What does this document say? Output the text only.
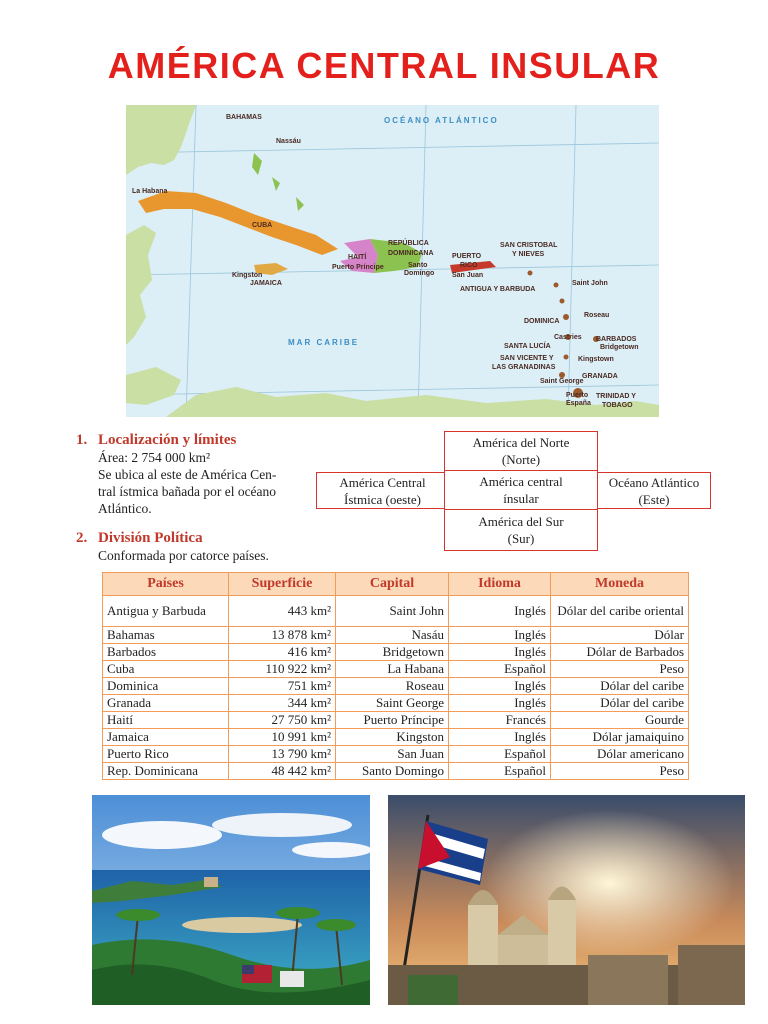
AMÉRICA CENTRAL INSULAR
BAHAMAS
Nassáu
La Habana
CUBA
HAITÍ
Puerto Príncipe
REPÚBLICA
DOMINICANA
Santo
Domingo
PUERTO
RICO
San Juan
Kingston
JAMAICA
SAN CRISTOBAL
Y NIEVES
Saint John
ANTIGUA Y BARBUDA
Roseau
DOMINICA
Castries
SANTA LUCÍA
BARBADOS
Bridgetown
SAN VICENTE Y
LAS GRANADINAS
Kingstown
GRANADA
Saint George
Puerto
España
TRINIDAD Y
TOBAGO
OCÉANO ATLÁNTICO
MAR CARIBE
1. Localización y límites
Área: 2 754 000 km²
Se ubica al este de América Cen-
tral ístmica bañada por el océano
Atlántico.
2. División Política
Conformada por catorce países.
América del Norte
(Norte)
América Central
Ístmica (oeste)
América central
ínsular
Océano Atlántico
(Este)
América del Sur
(Sur)
Países	Superficie	Capital	Idioma	Moneda
Antigua y Barbuda	443 km²	Saint John	Inglés	Dólar del caribe oriental
Bahamas	13 878 km²	Nasáu	Inglés	Dólar
Barbados	416 km²	Bridgetown	Inglés	Dólar de Barbados
Cuba	110 922 km²	La Habana	Español	Peso
Dominica	751 km²	Roseau	Inglés	Dólar del caribe
Granada	344 km²	Saint George	Inglés	Dólar del caribe
Haití	27 750 km²	Puerto Príncipe	Francés	Gourde
Jamaica	10 991 km²	Kingston	Inglés	Dólar jamaiquino
Puerto Rico	13 790 km²	San Juan	Español	Dólar americano
Rep. Dominicana	48 442 km²	Santo Domingo	Español	Peso
